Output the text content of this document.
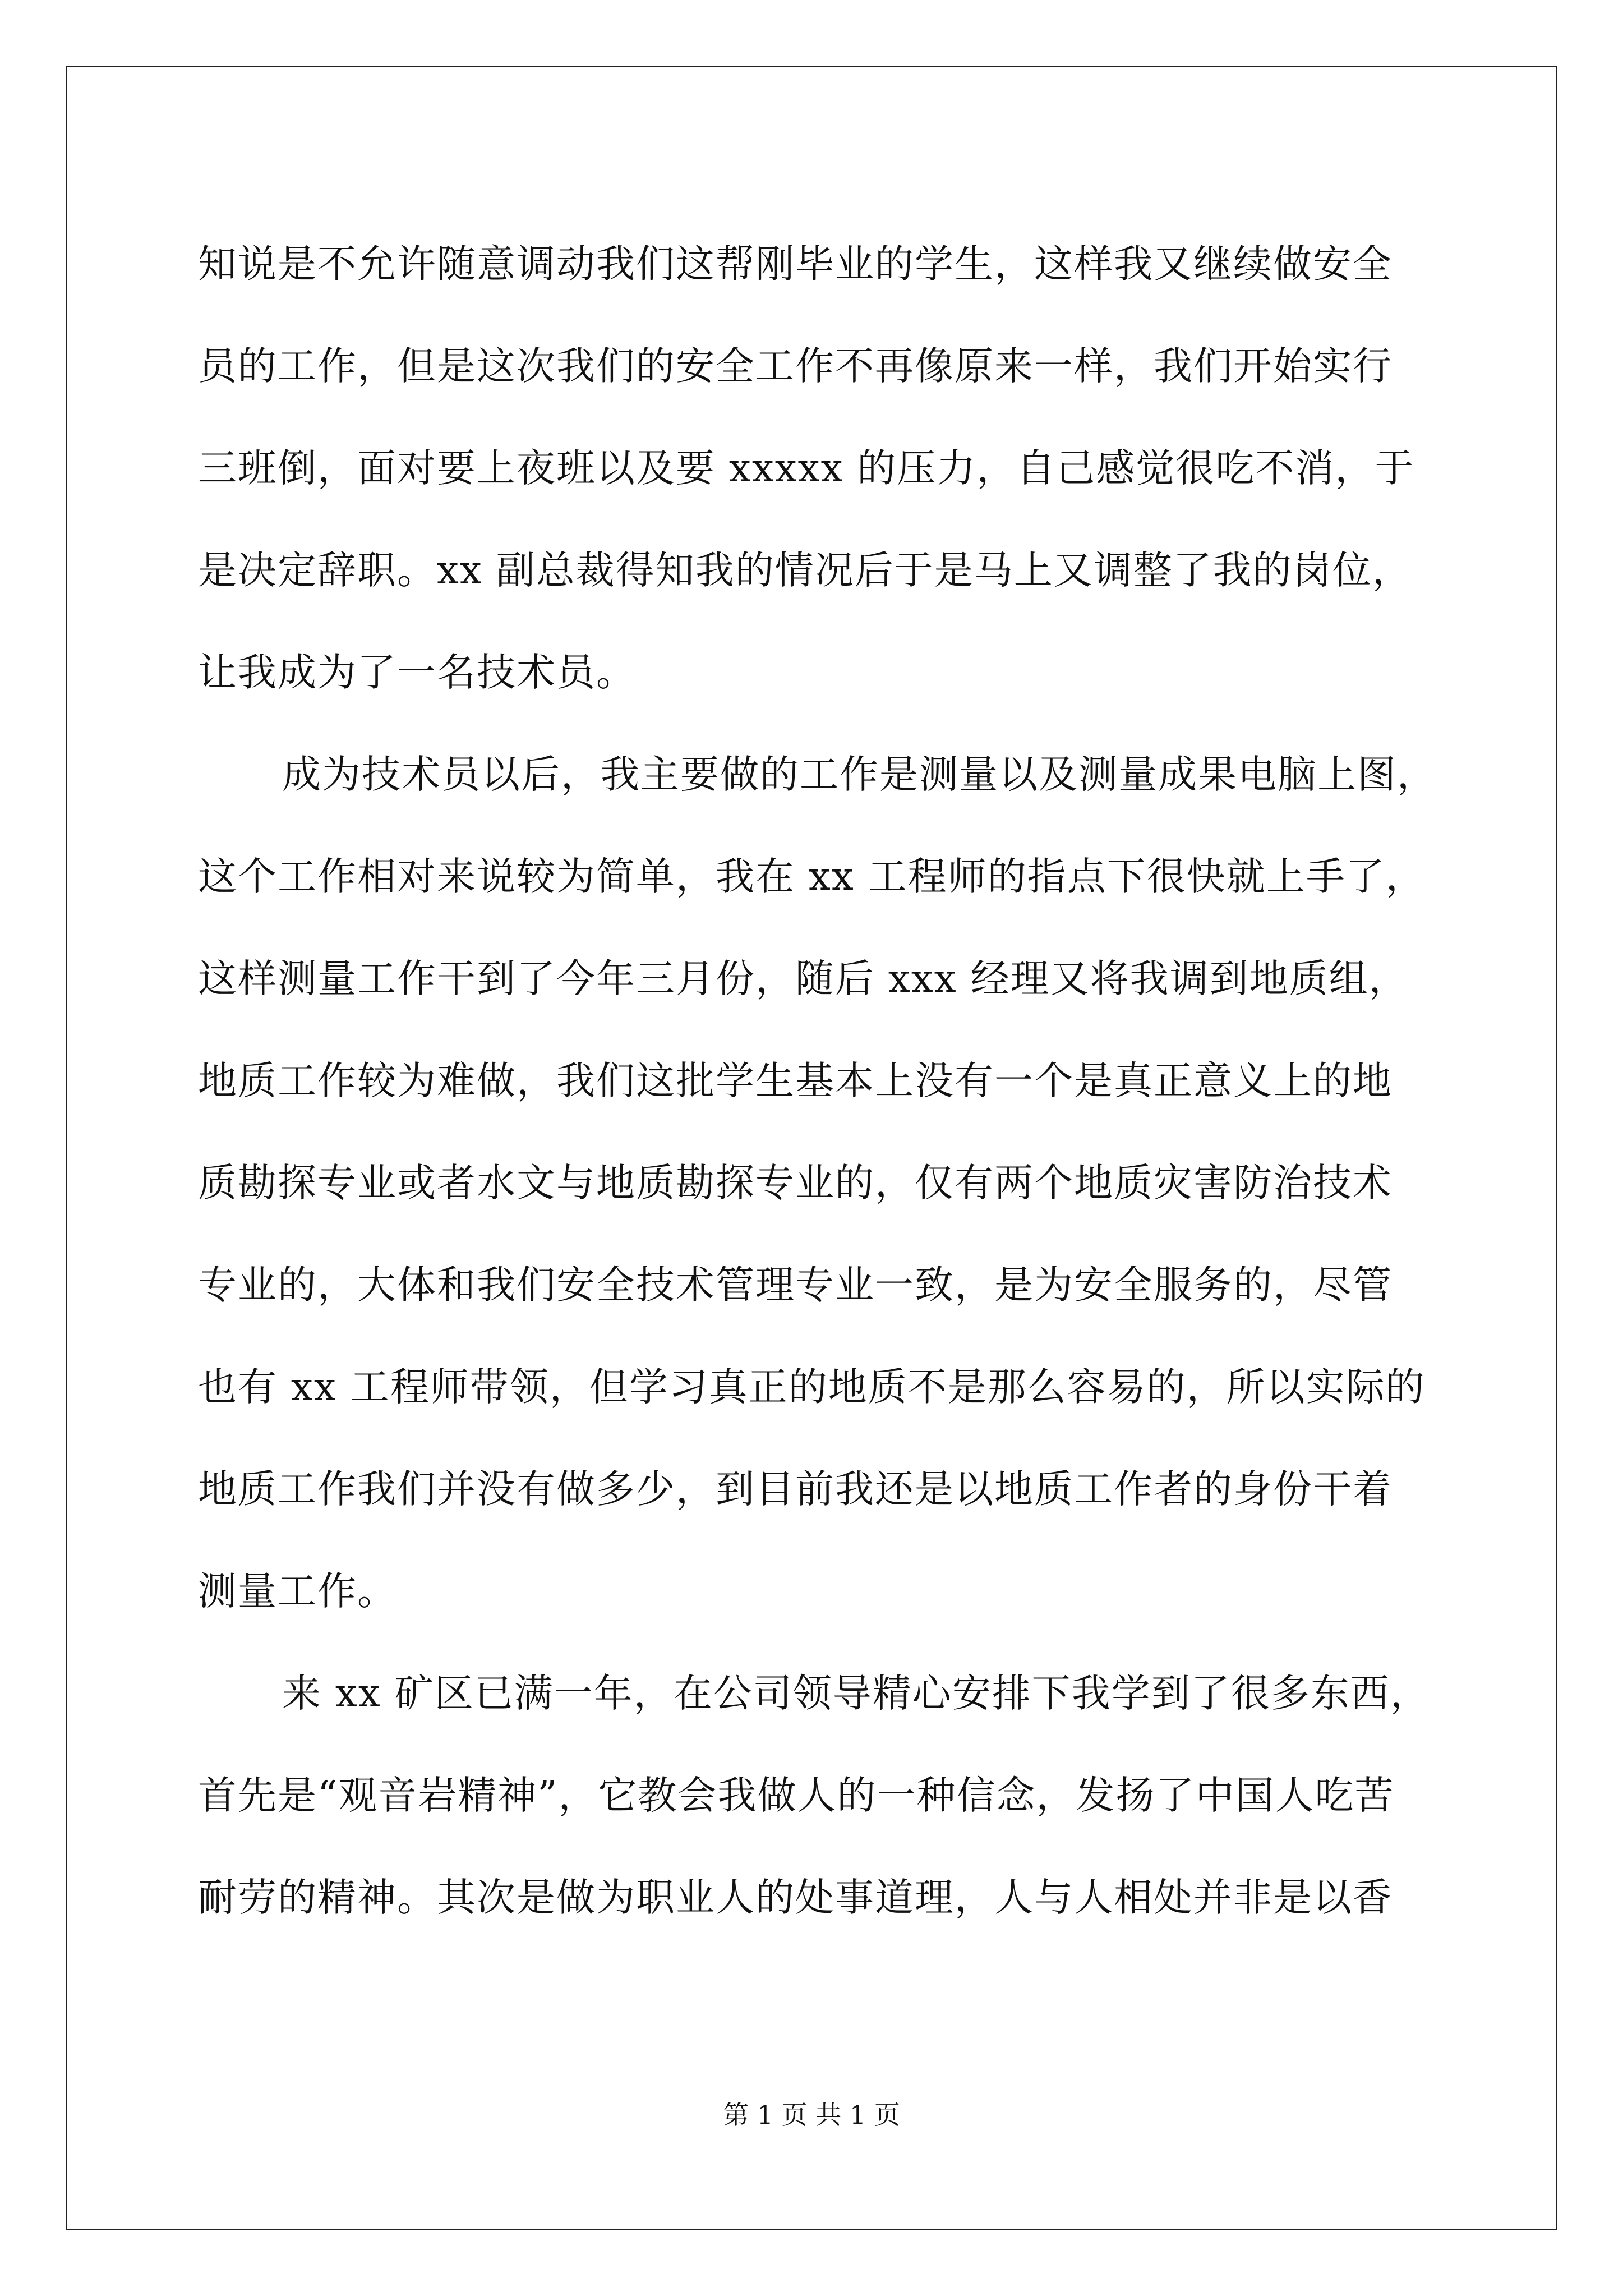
知说是不允许随意调动我们这帮刚毕业的学生，这样我又继续做安全
员的工作，但是这次我们的安全工作不再像原来一样，我们开始实行
三班倒，面对要上夜班以及要 xxxxx 的压力，自己感觉很吃不消，于
是决定辞职。xx 副总裁得知我的情况后于是马上又调整了我的岗位，
让我成为了一名技术员。
成为技术员以后，我主要做的工作是测量以及测量成果电脑上图，
这个工作相对来说较为简单，我在 xx 工程师的指点下很快就上手了，
这样测量工作干到了今年三月份，随后 xxx 经理又将我调到地质组，
地质工作较为难做，我们这批学生基本上没有一个是真正意义上的地
质勘探专业或者水文与地质勘探专业的，仅有两个地质灾害防治技术
专业的，大体和我们安全技术管理专业一致，是为安全服务的，尽管
也有 xx 工程师带领，但学习真正的地质不是那么容易的，所以实际的
地质工作我们并没有做多少，到目前我还是以地质工作者的身份干着
测量工作。
来 xx 矿区已满一年，在公司领导精心安排下我学到了很多东西，
首先是“观音岩精神”，它教会我做人的一种信念，发扬了中国人吃苦
耐劳的精神。其次是做为职业人的处事道理，人与人相处并非是以香
第 1 页 共 1 页
